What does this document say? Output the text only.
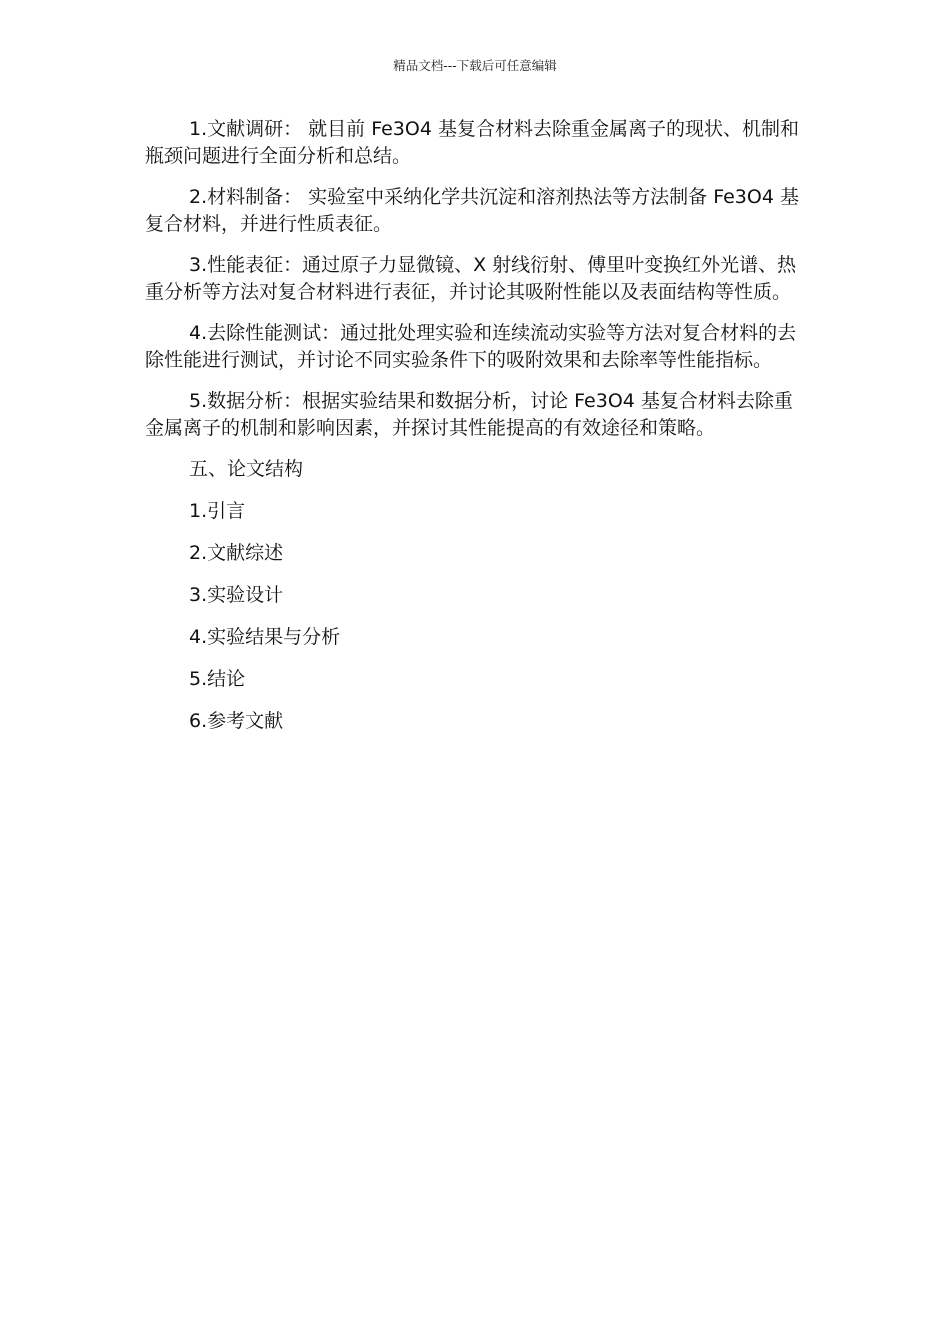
精品文档---下载后可任意编辑

1.文献调研： 就目前 Fe3O4 基复合材料去除重金属离子的现状、机制和瓶颈问题进行全面分析和总结。

2.材料制备： 实验室中采纳化学共沉淀和溶剂热法等方法制备 Fe3O4 基复合材料，并进行性质表征。

3.性能表征：通过原子力显微镜、X 射线衍射、傅里叶变换红外光谱、热重分析等方法对复合材料进行表征，并讨论其吸附性能以及表面结构等性质。

4.去除性能测试：通过批处理实验和连续流动实验等方法对复合材料的去除性能进行测试，并讨论不同实验条件下的吸附效果和去除率等性能指标。

5.数据分析：根据实验结果和数据分析，讨论 Fe3O4 基复合材料去除重金属离子的机制和影响因素，并探讨其性能提高的有效途径和策略。

五、论文结构
1.引言
2.文献综述
3.实验设计
4.实验结果与分析
5.结论
6.参考文献
